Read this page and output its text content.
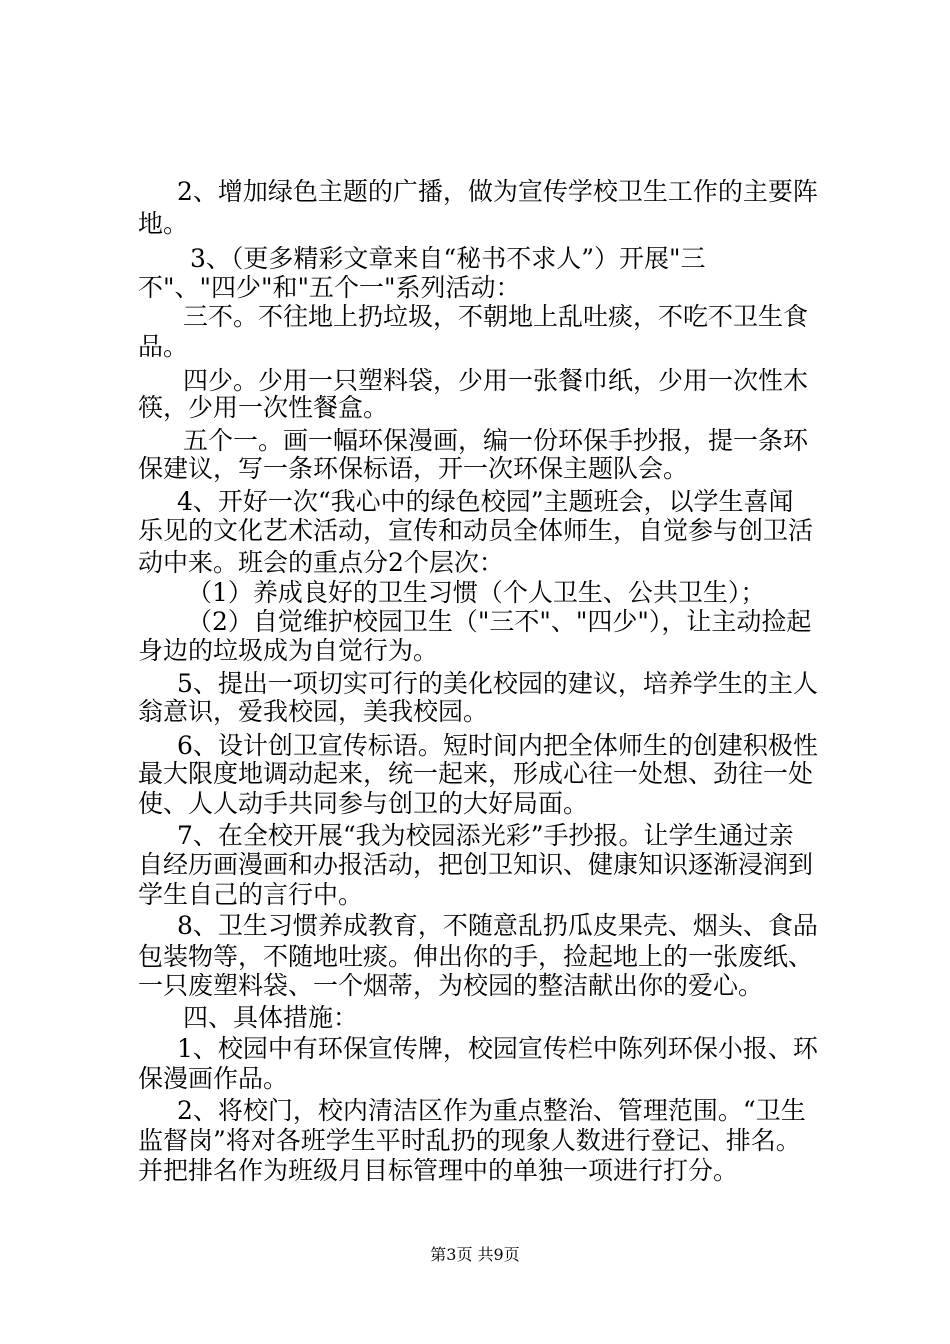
2、增加绿色主题的广播，做为宣传学校卫生工作的主要阵
地。
3、（更多精彩文章来自“秘书不求人”）开展"三
不"、"四少"和"五个一"系列活动：
三不。不往地上扔垃圾，不朝地上乱吐痰，不吃不卫生食
品。
四少。少用一只塑料袋，少用一张餐巾纸，少用一次性木
筷，少用一次性餐盒。
五个一。画一幅环保漫画，编一份环保手抄报，提一条环
保建议，写一条环保标语，开一次环保主题队会。
4、开好一次“我心中的绿色校园”主题班会，以学生喜闻
乐见的文化艺术活动，宣传和动员全体师生，自觉参与创卫活
动中来。班会的重点分2个层次：
（1）养成良好的卫生习惯（个人卫生、公共卫生）；
（2）自觉维护校园卫生（"三不"、"四少"），让主动捡起
身边的垃圾成为自觉行为。
5、提出一项切实可行的美化校园的建议，培养学生的主人
翁意识，爱我校园，美我校园。
6、设计创卫宣传标语。短时间内把全体师生的创建积极性
最大限度地调动起来，统一起来，形成心往一处想、劲往一处
使、人人动手共同参与创卫的大好局面。
7、在全校开展“我为校园添光彩”手抄报。让学生通过亲
自经历画漫画和办报活动，把创卫知识、健康知识逐渐浸润到
学生自己的言行中。
8、卫生习惯养成教育，不随意乱扔瓜皮果壳、烟头、食品
包装物等，不随地吐痰。伸出你的手，捡起地上的一张废纸、
一只废塑料袋、一个烟蒂，为校园的整洁献出你的爱心。
四、具体措施：
1、校园中有环保宣传牌，校园宣传栏中陈列环保小报、环
保漫画作品。
2、将校门，校内清洁区作为重点整治、管理范围。“卫生
监督岗”将对各班学生平时乱扔的现象人数进行登记、排名。
并把排名作为班级月目标管理中的单独一项进行打分。
第3页 共9页
